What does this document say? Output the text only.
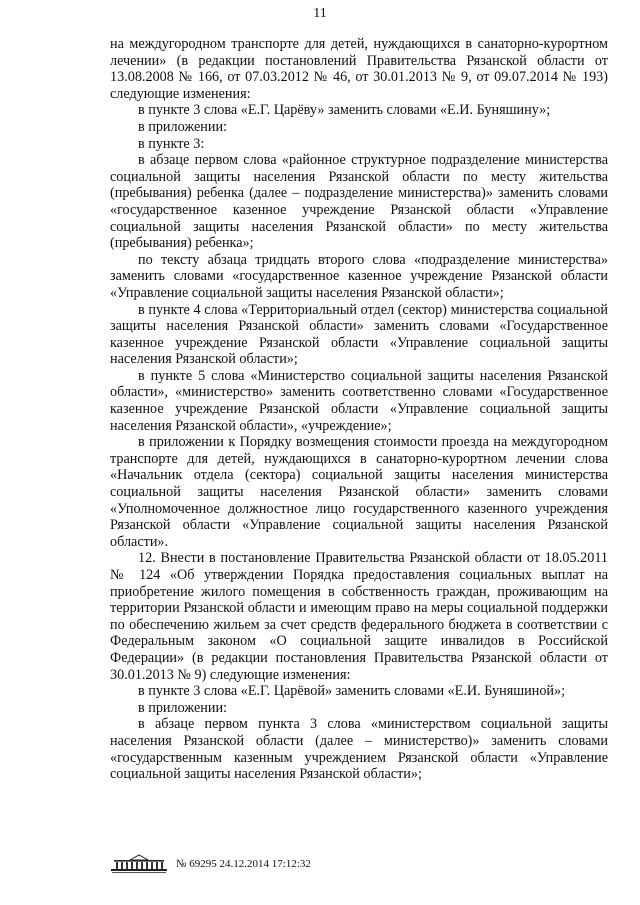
11

на междугородном транспорте для детей, нуждающихся в санаторно-курортном лечении» (в редакции постановлений Правительства Рязанской области от 13.08.2008 № 166, от 07.03.2012 № 46, от 30.01.2013 № 9, от 09.07.2014 № 193) следующие изменения:

в пункте 3 слова «Е.Г. Царёву» заменить словами «Е.И. Буняшину»;

в приложении:

в пункте 3:

в абзаце первом слова «районное структурное подразделение министерства социальной защиты населения Рязанской области по месту жительства (пребывания) ребенка (далее – подразделение министерства)» заменить словами «государственное казенное учреждение Рязанской области «Управление социальной защиты населения Рязанской области» по месту жительства (пребывания) ребенка»;

по тексту абзаца тридцать второго слова «подразделение министерства» заменить словами «государственное казенное учреждение Рязанской области «Управление социальной защиты населения Рязанской области»;

в пункте 4 слова «Территориальный отдел (сектор) министерства социальной защиты населения Рязанской области» заменить словами «Государственное казенное учреждение Рязанской области «Управление социальной защиты населения Рязанской области»;

в пункте 5 слова «Министерство социальной защиты населения Рязанской области», «министерство» заменить соответственно словами «Государственное казенное учреждение Рязанской области «Управление социальной защиты населения Рязанской области», «учреждение»;

в приложении к Порядку возмещения стоимости проезда на междугородном транспорте для детей, нуждающихся в санаторно-курортном лечении слова «Начальник отдела (сектора) социальной защиты населения министерства социальной защиты населения Рязанской области» заменить словами «Уполномоченное должностное лицо государственного казенного учреждения Рязанской области «Управление социальной защиты населения Рязанской области».

12. Внести в постановление Правительства Рязанской области от 18.05.2011 № 124 «Об утверждении Порядка предоставления социальных выплат на приобретение жилого помещения в собственность граждан, проживающим на территории Рязанской области и имеющим право на меры социальной поддержки по обеспечению жильем за счет средств федерального бюджета в соответствии с Федеральным законом «О социальной защите инвалидов в Российской Федерации» (в редакции постановления Правительства Рязанской области от 30.01.2013 № 9) следующие изменения:

в пункте 3 слова «Е.Г. Царёвой» заменить словами «Е.И. Буняшиной»;

в приложении:

в абзаце первом пункта 3 слова «министерством социальной защиты населения Рязанской области (далее – министерство)» заменить словами «государственным казенным учреждением Рязанской области «Управление социальной защиты населения Рязанской области»;

№ 69295 24.12.2014 17:12:32
